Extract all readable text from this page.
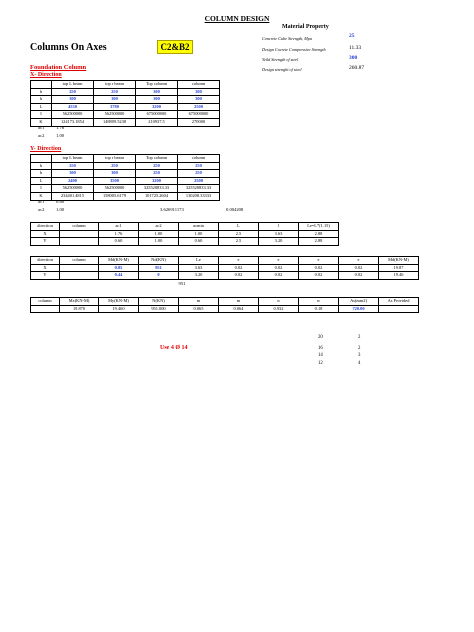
COLUMN DESIGN
Material Property
Concrete Cube Strength, Mpa	25
Design Cocrete Compressive Strength	11.33
Yeild Strength of steel	300
Design strenght of steel	260.87
Columns On Axes	C2&B2
Foundation Column
X- Direction
	top L beam	top r beam	Top column	column
b	250	250	300	300
h	300	300	300	300
L	4530	3780	3200	2500
I	562500000	562500000	675000000	675000000
K	124173.1854	148809.5238	210937.5	270000
ac1	1.76
ac2	1.00
Y- Direction
	top L beam	top r beam	Top column	column
b	250	250	250	250
h	300	300	250	250
L	2400	3500	3200	2500
I	562500000	562500000	325520833.33	325520833.33
K	234401.4815	158005.6179	101725.2604	130208.33333
ac1	0.60
ac2	1.00	3.626911173	0.004208
direction	column	ac1	ac2	acmin	L	l	Le=L*(1.15)
X		1.76	1.00	1.00	2.5	3.63	2.88
Y		0.60	1.00	0.60	2.5	3.20	2.88
direction	column	Md(KN-M)	Nd(KN)	Le	e	e	e	e	Md(KN-M)
X		0.85	951	3.63	0.02	0.02	0.02	0.02	19.87
Y		0.44	0	3.20	0.02	0.02	0.02	0.02	19.46
951
column	Mx(KN-M)	My(KN-M)	N(KN)	m	m	n	w	As(mm2)	As Provided
	19.870	19.460	951.000	0.065	0.064	0.932	0.18	720.00	
Use 4 Ø 14
20	2
16	2
14	3
12	4
